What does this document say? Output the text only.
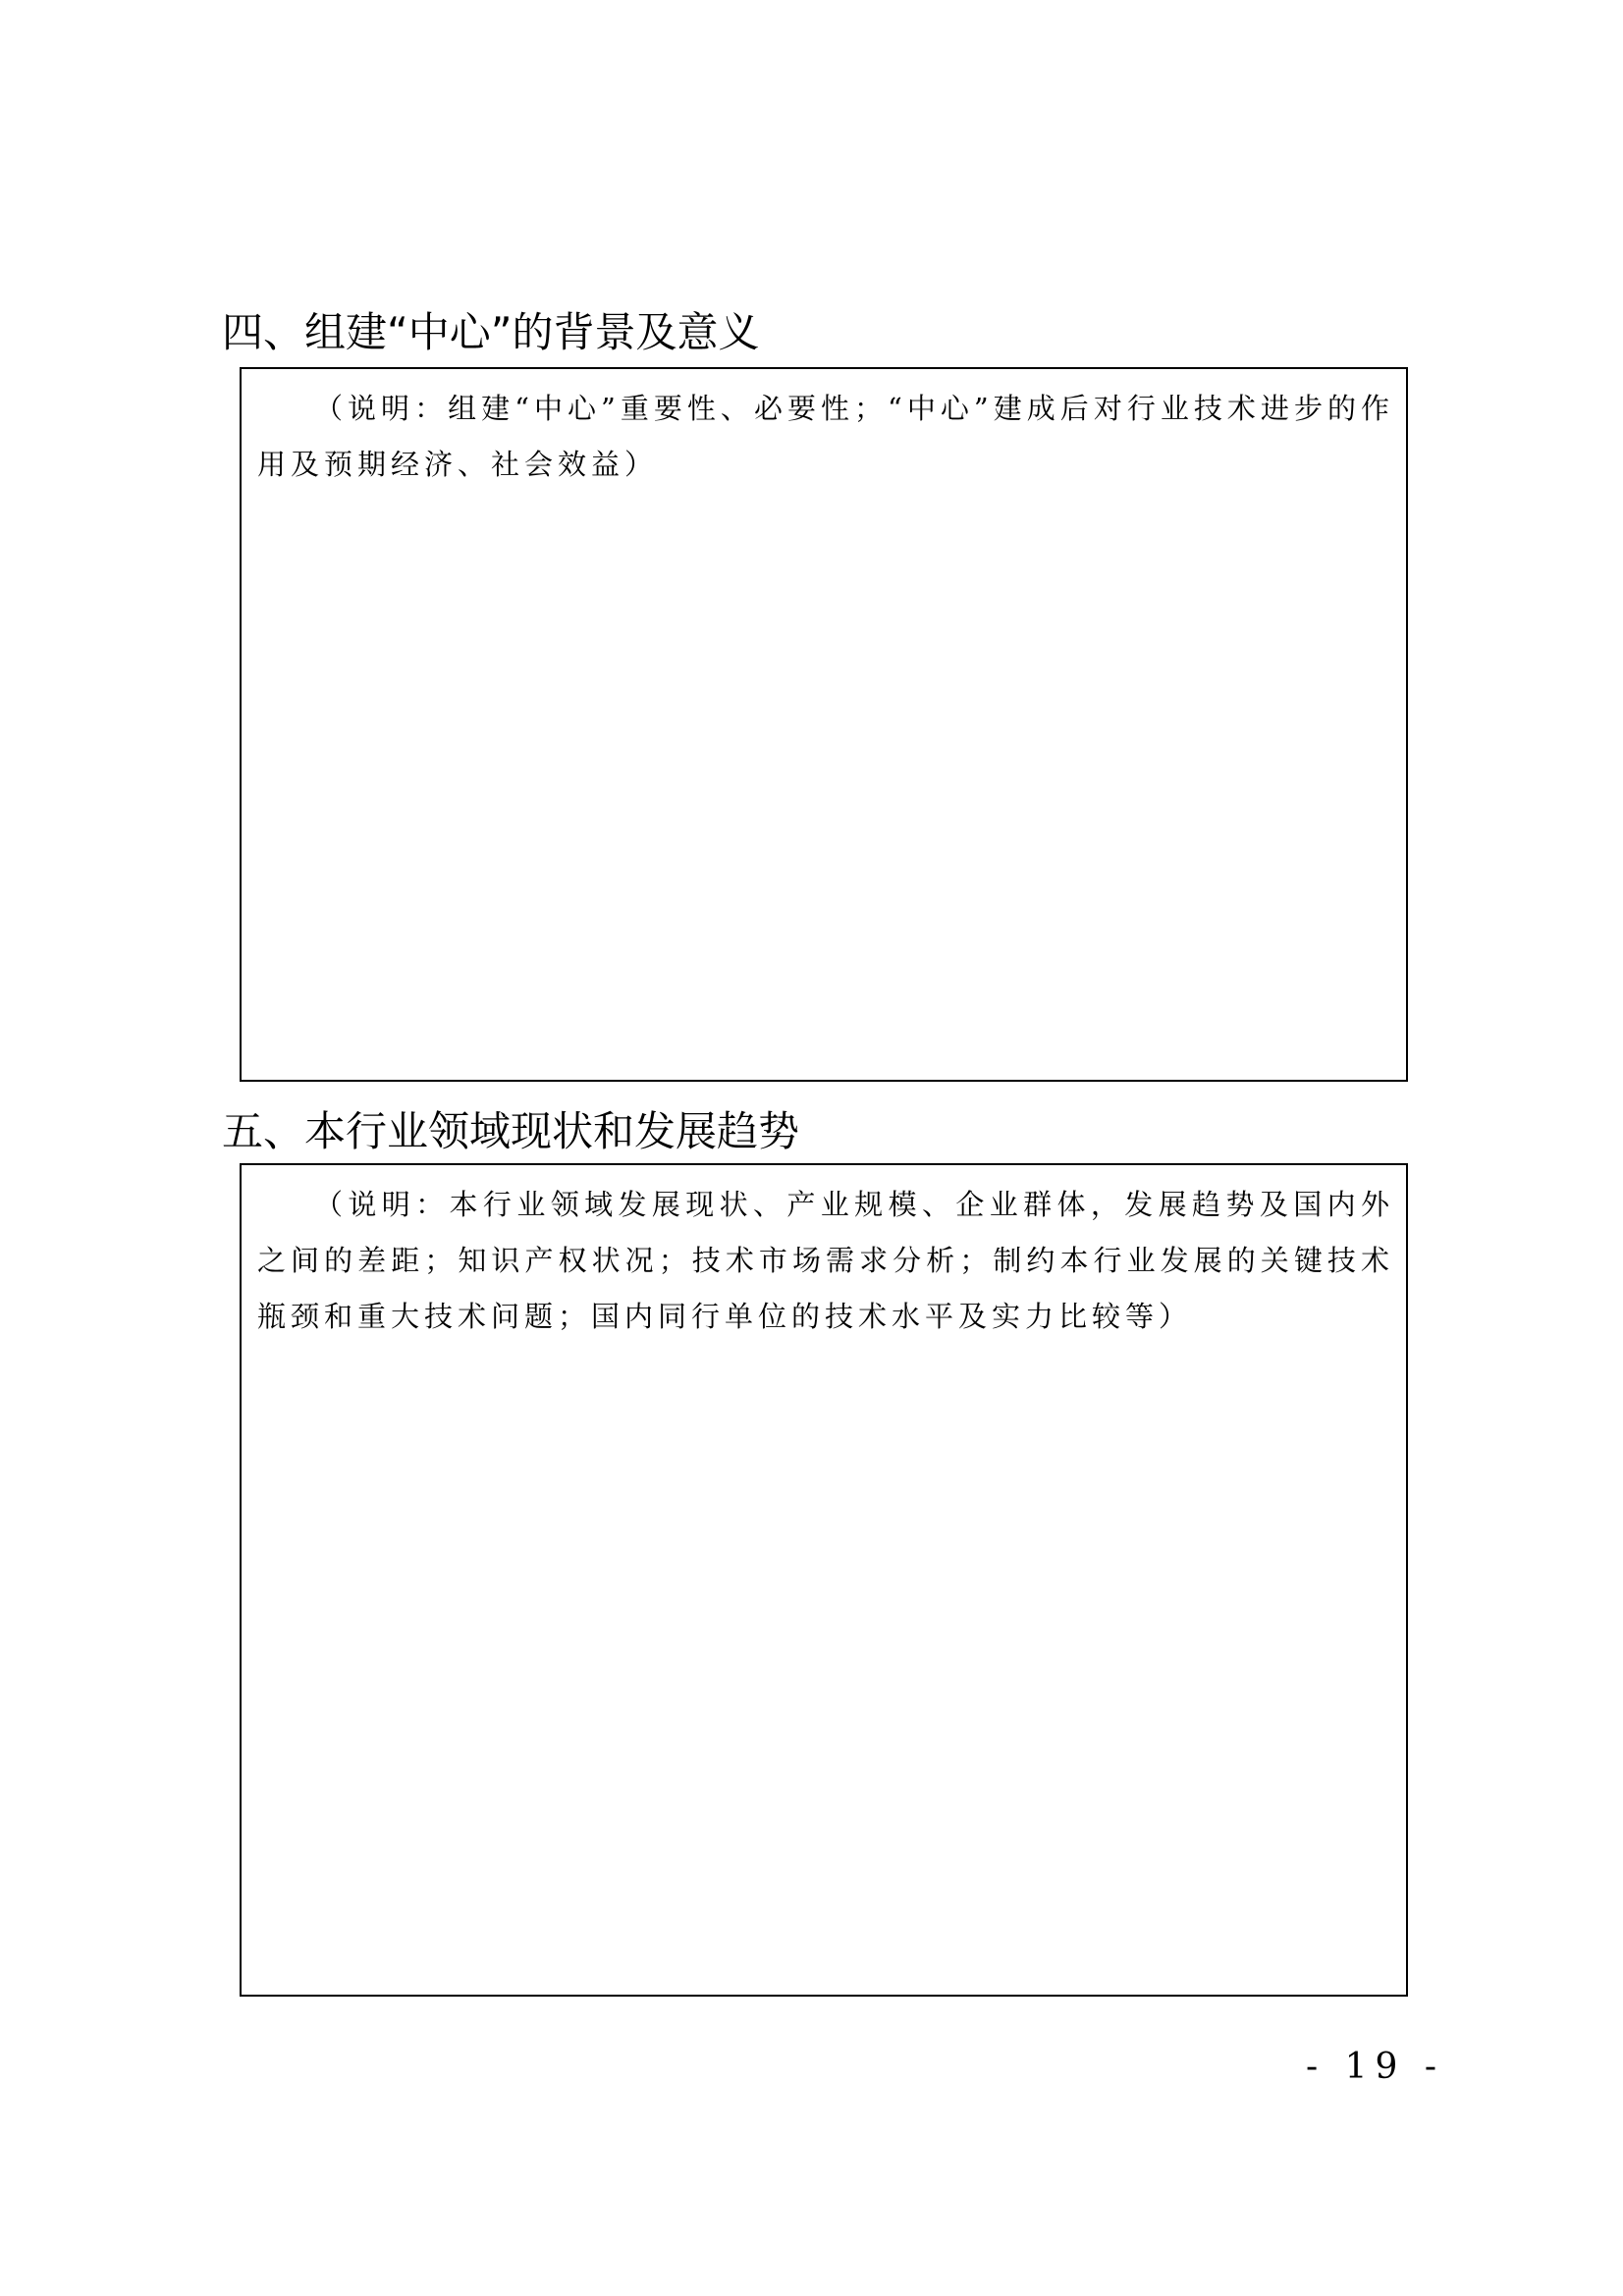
四、组建“中心”的背景及意义

（说明：组建“中心”重要性、必要性；“中心”建成后对行业技术进步的作用及预期经济、社会效益）

五、本行业领域现状和发展趋势

（说明：本行业领域发展现状、产业规模、企业群体，发展趋势及国内外之间的差距；知识产权状况；技术市场需求分析；制约本行业发展的关键技术瓶颈和重大技术问题；国内同行单位的技术水平及实力比较等）

- 19 -
